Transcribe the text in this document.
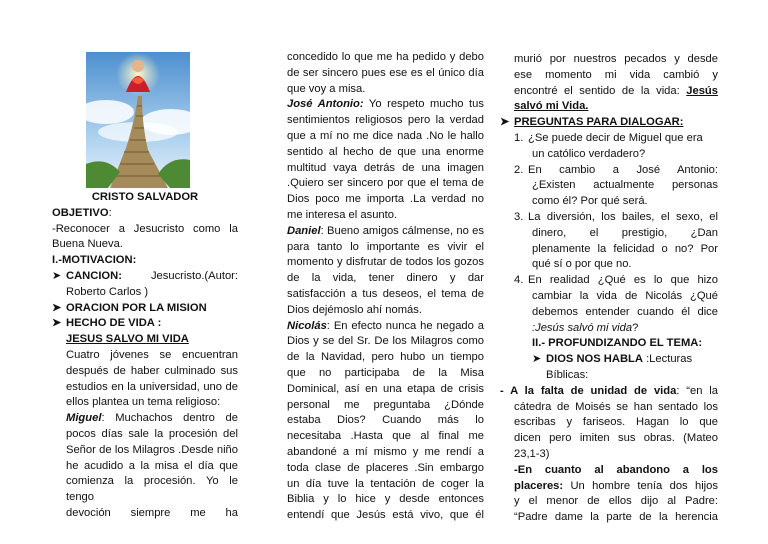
CRISTO SALVADOR

OBJETIVO:

-Reconocer a Jesucristo como la

Buena Nueva.

I.-MOTIVACION:

➤ CANCION:	Jesucristo.(Autor:

Roberto Carlos )

➤ ORACION POR LA MISION

➤ HECHO DE VIDA :

JESUS SALVO MI VIDA

Cuatro jóvenes se encuentran

después de haber culminado sus

estudios en la universidad, uno de

ellos plantea un tema religioso:

Miguel: Muchachos dentro de

pocos días sale la procesión del

Señor de los Milagros .Desde niño

he acudido a la misa el día que

comienza la procesión. Yo le tengo

devoción siempre me ha

concedido lo que me ha pedido y debo

de ser sincero pues ese es el único día

que voy a misa.

José Antonio: Yo respeto mucho tus

sentimientos religiosos pero la verdad

que a mí no me dice nada .No le hallo

sentido al hecho de que una enorme

multitud vaya detrás de una imagen

.Quiero ser sincero por que el tema de

Dios poco me importa .La verdad no

me interesa el asunto.

Daniel: Bueno amigos cálmense, no es

para tanto lo importante es vivir el

momento y disfrutar de todos los gozos

de la vida, tener dinero y dar

satisfacción a tus deseos, el tema de

Dios dejémoslo ahí nomás.

Nicolás: En efecto nunca he negado a

Dios y se del Sr. De los Milagros como

de la Navidad, pero hubo un tiempo

que no participaba de la Misa

Dominical, así en una etapa de crisis

personal me preguntaba ¿Dónde

estaba Dios? Cuando más lo

necesitaba .Hasta que al final me

abandoné a mí mismo y me rendí a

toda clase de placeres .Sin embargo

un día tuve la tentación de coger la

Biblia y lo hice y desde entonces

entendí que Jesús está vivo, que él

murió por nuestros pecados y desde

ese momento mi vida cambió y

encontré el sentido de la vida: Jesús

salvó mi Vida.

➤ PREGUNTAS PARA DIALOGAR:

1. ¿Se puede decir de Miguel que era

un católico verdadero?

2. En cambio a José Antonio:

¿Existen actualmente personas

como él? Por qué será.

3. La diversión, los bailes, el sexo, el

dinero, el prestigio, ¿Dan

plenamente la felicidad o no? Por

qué sí o por que no.

4. En realidad ¿Qué es lo que hizo

cambiar la vida de Nicolás ¿Qué

debemos entender cuando él dice

:Jesús salvó mi vida?

II.- PROFUNDIZANDO EL TEMA:

➤ DIOS NOS HABLA :Lecturas

Bíblicas:

- A la falta de unidad de vida: “en la

cátedra de Moisés se han sentado los

escribas y fariseos. Hagan lo que

dicen pero imiten sus obras. (Mateo

23,1-3)

-En cuanto al abandono a los

placeres: Un hombre tenía dos hijos

y el menor de ellos dijo al Padre:

“Padre dame la parte de la herencia
